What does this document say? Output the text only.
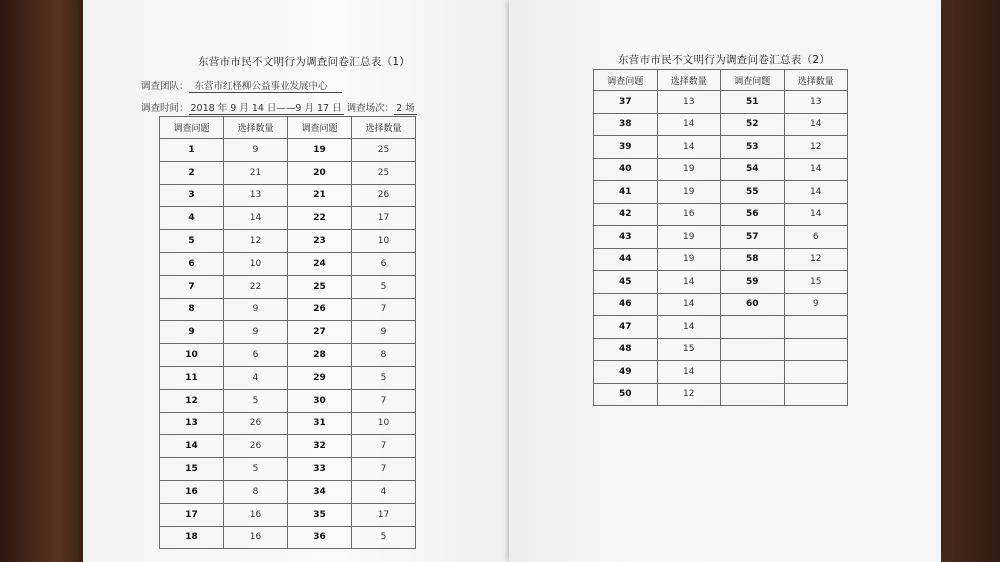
东营市市民不文明行为调查问卷汇总表（1）
调查团队： 东营市红柽柳公益事业发展中心
调查时间： 2018 年 9 月 14 日——9 月 17 日 调查场次： 2 场
调查问题	选择数量	调查问题	选择数量
1	9	19	25
2	21	20	25
3	13	21	26
4	14	22	17
5	12	23	10
6	10	24	6
7	22	25	5
8	9	26	7
9	9	27	9
10	6	28	8
11	4	29	5
12	5	30	7
13	26	31	10
14	26	32	7
15	5	33	7
16	8	34	4
17	16	35	17
18	16	36	5
东营市市民不文明行为调查问卷汇总表（2）
调查问题	选择数量	调查问题	选择数量
37	13	51	13
38	14	52	14
39	14	53	12
40	19	54	14
41	19	55	14
42	16	56	14
43	19	57	6
44	19	58	12
45	14	59	15
46	14	60	9
47	14		
48	15		
49	14		
50	12		
